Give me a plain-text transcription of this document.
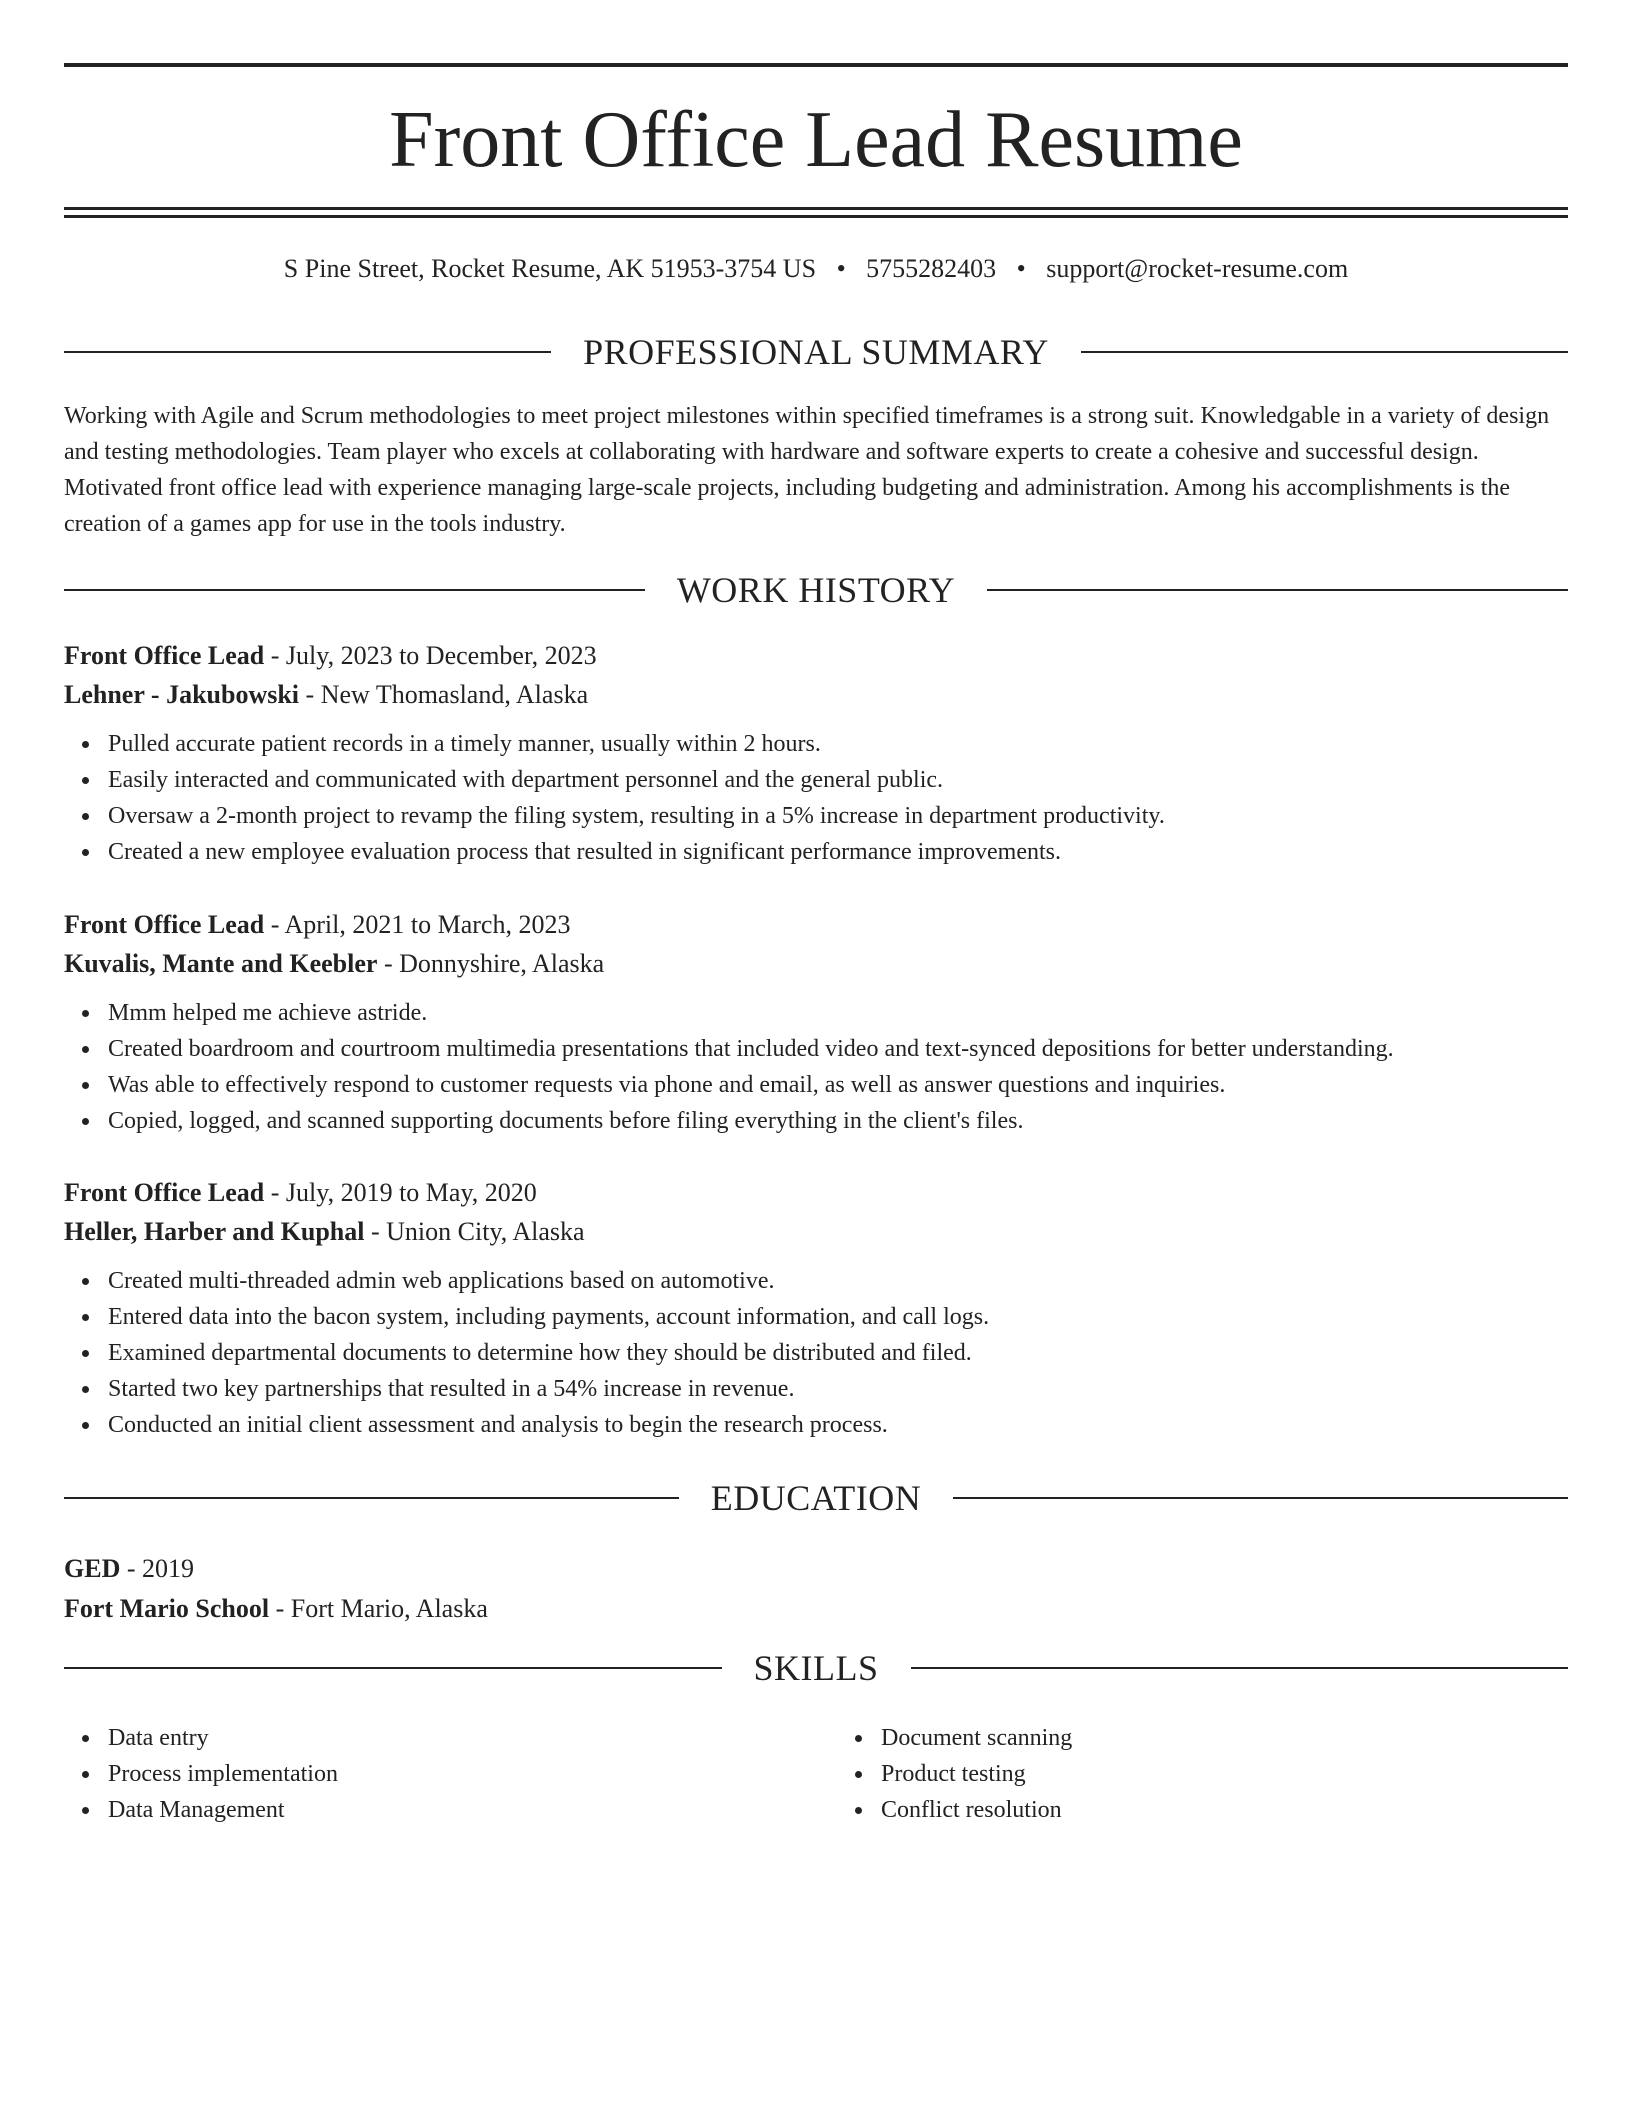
Front Office Lead Resume
S Pine Street, Rocket Resume, AK 51953-3754 US • 5755282403 • support@rocket-resume.com
PROFESSIONAL SUMMARY

Working with Agile and Scrum methodologies to meet project milestones within specified timeframes is a strong suit. Knowledgable in a variety of design and testing methodologies. Team player who excels at collaborating with hardware and software experts to create a cohesive and successful design. Motivated front office lead with experience managing large-scale projects, including budgeting and administration. Among his accomplishments is the creation of a games app for use in the tools industry.

WORK HISTORY

Front Office Lead - July, 2023 to December, 2023

Lehner - Jakubowski - New Thomasland, Alaska

Pulled accurate patient records in a timely manner, usually within 2 hours.
Easily interacted and communicated with department personnel and the general public.
Oversaw a 2-month project to revamp the filing system, resulting in a 5% increase in department productivity.
Created a new employee evaluation process that resulted in significant performance improvements.

Front Office Lead - April, 2021 to March, 2023

Kuvalis, Mante and Keebler - Donnyshire, Alaska

Mmm helped me achieve astride.
Created boardroom and courtroom multimedia presentations that included video and text-synced depositions for better understanding.
Was able to effectively respond to customer requests via phone and email, as well as answer questions and inquiries.
Copied, logged, and scanned supporting documents before filing everything in the client's files.

Front Office Lead - July, 2019 to May, 2020

Heller, Harber and Kuphal - Union City, Alaska

Created multi-threaded admin web applications based on automotive.
Entered data into the bacon system, including payments, account information, and call logs.
Examined departmental documents to determine how they should be distributed and filed.
Started two key partnerships that resulted in a 54% increase in revenue.
Conducted an initial client assessment and analysis to begin the research process.
EDUCATION

GED - 2019

Fort Mario School - Fort Mario, Alaska

SKILLS
Data entry
Process implementation
Data Management
Document scanning
Product testing
Conflict resolution
